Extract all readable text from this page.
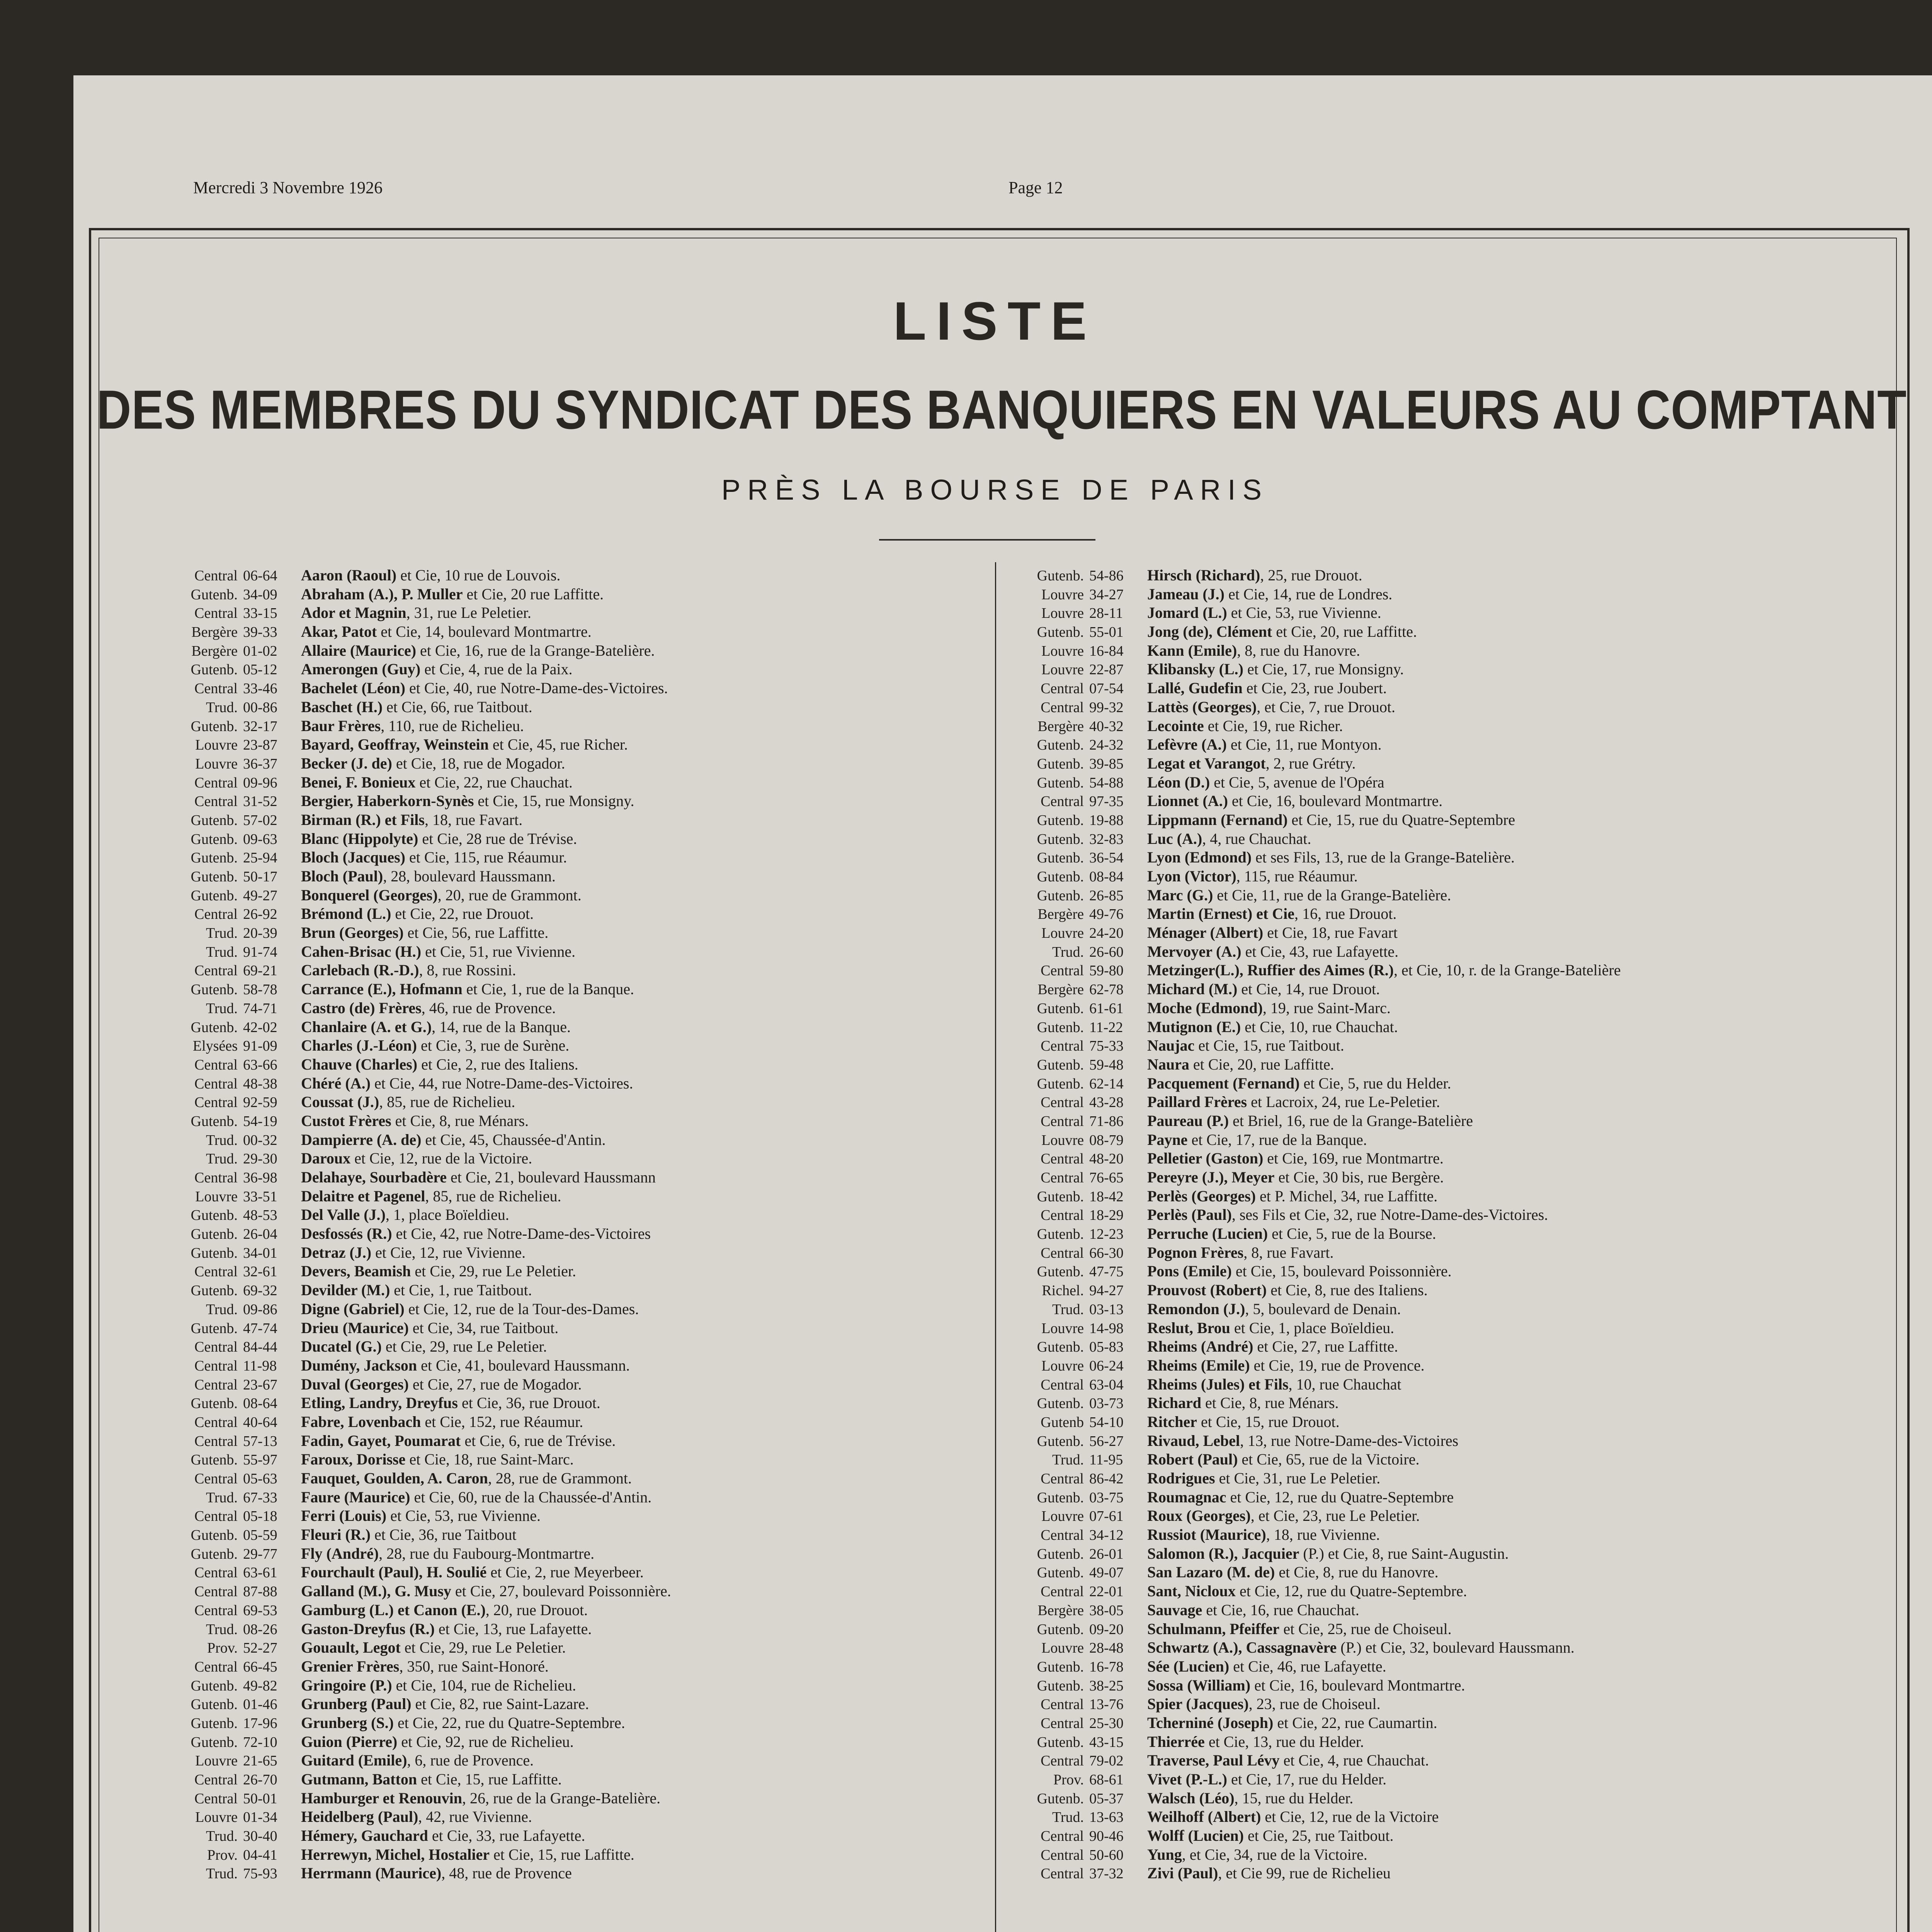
Mercredi 3 Novembre 1926	Page 12
LISTE
DES MEMBRES DU SYNDICAT DES BANQUIERS EN VALEURS AU COMPTANT
PRÈS LA BOURSE DE PARIS
Central 06-64 Aaron (Raoul) et Cie, 10 rue de Louvois.
Gutenb. 34-09 Abraham (A.), P. Muller et Cie, 20 rue Laffitte.
Central 33-15 Ador et Magnin, 31, rue Le Peletier.
Bergère 39-33 Akar, Patot et Cie, 14, boulevard Montmartre.
Bergère 01-02 Allaire (Maurice) et Cie, 16, rue de la Grange-Batelière.
Gutenb. 05-12 Amerongen (Guy) et Cie, 4, rue de la Paix.
Central 33-46 Bachelet (Léon) et Cie, 40, rue Notre-Dame-des-Victoires.
Trud. 00-86 Baschet (H.) et Cie, 66, rue Taitbout.
Gutenb. 32-17 Baur Frères, 110, rue de Richelieu.
Louvre 23-87 Bayard, Geoffray, Weinstein et Cie, 45, rue Richer.
Louvre 36-37 Becker (J. de) et Cie, 18, rue de Mogador.
Central 09-96 Benei, F. Bonieux et Cie, 22, rue Chauchat.
Central 31-52 Bergier, Haberkorn-Synès et Cie, 15, rue Monsigny.
Gutenb. 57-02 Birman (R.) et Fils, 18, rue Favart.
Gutenb. 09-63 Blanc (Hippolyte) et Cie, 28 rue de Trévise.
Gutenb. 25-94 Bloch (Jacques) et Cie, 115, rue Réaumur.
Gutenb. 50-17 Bloch (Paul), 28, boulevard Haussmann.
Gutenb. 49-27 Bonquerel (Georges), 20, rue de Grammont.
Central 26-92 Brémond (L.) et Cie, 22, rue Drouot.
Trud. 20-39 Brun (Georges) et Cie, 56, rue Laffitte.
Trud. 91-74 Cahen-Brisac (H.) et Cie, 51, rue Vivienne.
Central 69-21 Carlebach (R.-D.), 8, rue Rossini.
Gutenb. 58-78 Carrance (E.), Hofmann et Cie, 1, rue de la Banque.
Trud. 74-71 Castro (de) Frères, 46, rue de Provence.
Gutenb. 42-02 Chanlaire (A. et G.), 14, rue de la Banque.
Elysées 91-09 Charles (J.-Léon) et Cie, 3, rue de Surène.
Central 63-66 Chauve (Charles) et Cie, 2, rue des Italiens.
Central 48-38 Chéré (A.) et Cie, 44, rue Notre-Dame-des-Victoires.
Central 92-59 Coussat (J.), 85, rue de Richelieu.
Gutenb. 54-19 Custot Frères et Cie, 8, rue Ménars.
Trud. 00-32 Dampierre (A. de) et Cie, 45, Chaussée-d'Antin.
Trud. 29-30 Daroux et Cie, 12, rue de la Victoire.
Central 36-98 Delahaye, Sourbadère et Cie, 21, boulevard Haussmann
Louvre 33-51 Delaitre et Pagenel, 85, rue de Richelieu.
Gutenb. 48-53 Del Valle (J.), 1, place Boïeldieu.
Gutenb. 26-04 Desfossés (R.) et Cie, 42, rue Notre-Dame-des-Victoires
Gutenb. 34-01 Detraz (J.) et Cie, 12, rue Vivienne.
Central 32-61 Devers, Beamish et Cie, 29, rue Le Peletier.
Gutenb. 69-32 Devilder (M.) et Cie, 1, rue Taitbout.
Trud. 09-86 Digne (Gabriel) et Cie, 12, rue de la Tour-des-Dames.
Gutenb. 47-74 Drieu (Maurice) et Cie, 34, rue Taitbout.
Central 84-44 Ducatel (G.) et Cie, 29, rue Le Peletier.
Central 11-98 Dumény, Jackson et Cie, 41, boulevard Haussmann.
Central 23-67 Duval (Georges) et Cie, 27, rue de Mogador.
Gutenb. 08-64 Etling, Landry, Dreyfus et Cie, 36, rue Drouot.
Central 40-64 Fabre, Lovenbach et Cie, 152, rue Réaumur.
Central 57-13 Fadin, Gayet, Poumarat et Cie, 6, rue de Trévise.
Gutenb. 55-97 Faroux, Dorisse et Cie, 18, rue Saint-Marc.
Central 05-63 Fauquet, Goulden, A. Caron, 28, rue de Grammont.
Trud. 67-33 Faure (Maurice) et Cie, 60, rue de la Chaussée-d'Antin.
Central 05-18 Ferri (Louis) et Cie, 53, rue Vivienne.
Gutenb. 05-59 Fleuri (R.) et Cie, 36, rue Taitbout
Gutenb. 29-77 Fly (André), 28, rue du Faubourg-Montmartre.
Central 63-61 Fourchault (Paul), H. Soulié et Cie, 2, rue Meyerbeer.
Central 87-88 Galland (M.), G. Musy et Cie, 27, boulevard Poissonnière.
Central 69-53 Gamburg (L.) et Canon (E.), 20, rue Drouot.
Trud. 08-26 Gaston-Dreyfus (R.) et Cie, 13, rue Lafayette.
Prov. 52-27 Gouault, Legot et Cie, 29, rue Le Peletier.
Central 66-45 Grenier Frères, 350, rue Saint-Honoré.
Gutenb. 49-82 Gringoire (P.) et Cie, 104, rue de Richelieu.
Gutenb. 01-46 Grunberg (Paul) et Cie, 82, rue Saint-Lazare.
Gutenb. 17-96 Grunberg (S.) et Cie, 22, rue du Quatre-Septembre.
Gutenb. 72-10 Guion (Pierre) et Cie, 92, rue de Richelieu.
Louvre 21-65 Guitard (Emile), 6, rue de Provence.
Central 26-70 Gutmann, Batton et Cie, 15, rue Laffitte.
Central 50-01 Hamburger et Renouvin, 26, rue de la Grange-Batelière.
Louvre 01-34 Heidelberg (Paul), 42, rue Vivienne.
Trud. 30-40 Hémery, Gauchard et Cie, 33, rue Lafayette.
Prov. 04-41 Herrewyn, Michel, Hostalier et Cie, 15, rue Laffitte.
Trud. 75-93 Herrmann (Maurice), 48, rue de Provence
Gutenb. 54-86 Hirsch (Richard), 25, rue Drouot.
Louvre 34-27 Jameau (J.) et Cie, 14, rue de Londres.
Louvre 28-11 Jomard (L.) et Cie, 53, rue Vivienne.
Gutenb. 55-01 Jong (de), Clément et Cie, 20, rue Laffitte.
Louvre 16-84 Kann (Emile), 8, rue du Hanovre.
Louvre 22-87 Klibansky (L.) et Cie, 17, rue Monsigny.
Central 07-54 Lallé, Gudefin et Cie, 23, rue Joubert.
Central 99-32 Lattès (Georges), et Cie, 7, rue Drouot.
Bergère 40-32 Lecointe et Cie, 19, rue Richer.
Gutenb. 24-32 Lefèvre (A.) et Cie, 11, rue Montyon.
Gutenb. 39-85 Legat et Varangot, 2, rue Grétry.
Gutenb. 54-88 Léon (D.) et Cie, 5, avenue de l'Opéra
Central 97-35 Lionnet (A.) et Cie, 16, boulevard Montmartre.
Gutenb. 19-88 Lippmann (Fernand) et Cie, 15, rue du Quatre-Septembre
Gutenb. 32-83 Luc (A.), 4, rue Chauchat.
Gutenb. 36-54 Lyon (Edmond) et ses Fils, 13, rue de la Grange-Batelière.
Gutenb. 08-84 Lyon (Victor), 115, rue Réaumur.
Gutenb. 26-85 Marc (G.) et Cie, 11, rue de la Grange-Batelière.
Bergère 49-76 Martin (Ernest) et Cie, 16, rue Drouot.
Louvre 24-20 Ménager (Albert) et Cie, 18, rue Favart
Trud. 26-60 Mervoyer (A.) et Cie, 43, rue Lafayette.
Central 59-80 Metzinger(L.), Ruffier des Aimes (R.), et Cie, 10, r. de la Grange-Batelière
Bergère 62-78 Michard (M.) et Cie, 14, rue Drouot.
Gutenb. 61-61 Moche (Edmond), 19, rue Saint-Marc.
Gutenb. 11-22 Mutignon (E.) et Cie, 10, rue Chauchat.
Central 75-33 Naujac et Cie, 15, rue Taitbout.
Gutenb. 59-48 Naura et Cie, 20, rue Laffitte.
Gutenb. 62-14 Pacquement (Fernand) et Cie, 5, rue du Helder.
Central 43-28 Paillard Frères et Lacroix, 24, rue Le-Peletier.
Central 71-86 Paureau (P.) et Briel, 16, rue de la Grange-Batelière
Louvre 08-79 Payne et Cie, 17, rue de la Banque.
Central 48-20 Pelletier (Gaston) et Cie, 169, rue Montmartre.
Central 76-65 Pereyre (J.), Meyer et Cie, 30 bis, rue Bergère.
Gutenb. 18-42 Perlès (Georges) et P. Michel, 34, rue Laffitte.
Central 18-29 Perlès (Paul), ses Fils et Cie, 32, rue Notre-Dame-des-Victoires.
Gutenb. 12-23 Perruche (Lucien) et Cie, 5, rue de la Bourse.
Central 66-30 Pognon Frères, 8, rue Favart.
Gutenb. 47-75 Pons (Emile) et Cie, 15, boulevard Poissonnière.
Richel. 94-27 Prouvost (Robert) et Cie, 8, rue des Italiens.
Trud. 03-13 Remondon (J.), 5, boulevard de Denain.
Louvre 14-98 Reslut, Brou et Cie, 1, place Boïeldieu.
Gutenb. 05-83 Rheims (André) et Cie, 27, rue Laffitte.
Louvre 06-24 Rheims (Emile) et Cie, 19, rue de Provence.
Central 63-04 Rheims (Jules) et Fils, 10, rue Chauchat
Gutenb. 03-73 Richard et Cie, 8, rue Ménars.
Gutenb 54-10 Ritcher et Cie, 15, rue Drouot.
Gutenb. 56-27 Rivaud, Lebel, 13, rue Notre-Dame-des-Victoires
Trud. 11-95 Robert (Paul) et Cie, 65, rue de la Victoire.
Central 86-42 Rodrigues et Cie, 31, rue Le Peletier.
Gutenb. 03-75 Roumagnac et Cie, 12, rue du Quatre-Septembre
Louvre 07-61 Roux (Georges), et Cie, 23, rue Le Peletier.
Central 34-12 Russiot (Maurice), 18, rue Vivienne.
Gutenb. 26-01 Salomon (R.), Jacquier (P.) et Cie, 8, rue Saint-Augustin.
Gutenb. 49-07 San Lazaro (M. de) et Cie, 8, rue du Hanovre.
Central 22-01 Sant, Nicloux et Cie, 12, rue du Quatre-Septembre.
Bergère 38-05 Sauvage et Cie, 16, rue Chauchat.
Gutenb. 09-20 Schulmann, Pfeiffer et Cie, 25, rue de Choiseul.
Louvre 28-48 Schwartz (A.), Cassagnavère (P.) et Cie, 32, boulevard Haussmann.
Gutenb. 16-78 Sée (Lucien) et Cie, 46, rue Lafayette.
Gutenb. 38-25 Sossa (William) et Cie, 16, boulevard Montmartre.
Central 13-76 Spier (Jacques), 23, rue de Choiseul.
Central 25-30 Tcherniné (Joseph) et Cie, 22, rue Caumartin.
Gutenb. 43-15 Thierrée et Cie, 13, rue du Helder.
Central 79-02 Traverse, Paul Lévy et Cie, 4, rue Chauchat.
Prov. 68-61 Vivet (P.-L.) et Cie, 17, rue du Helder.
Gutenb. 05-37 Walsch (Léo), 15, rue du Helder.
Trud. 13-63 Weilhoff (Albert) et Cie, 12, rue de la Victoire
Central 90-46 Wolff (Lucien) et Cie, 25, rue Taitbout.
Central 50-60 Yung, et Cie, 34, rue de la Victoire.
Central 37-32 Zivi (Paul), et Cie 99, rue de Richelieu
